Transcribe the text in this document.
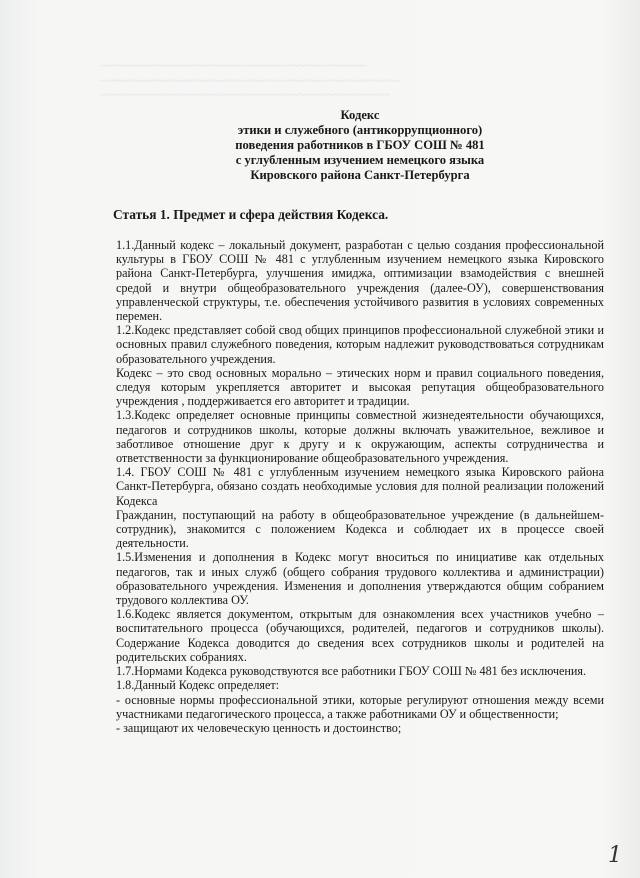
~~~~~~~~~~~~~~~~~~~~~~~~~~~~~~~~~~~~~~~~~~~~~~~

~~~~~~~~~~~~~~~~~~~~~~~~~~~~~~~~~~~~~~~~~~~~~~~~~~~~~

~~~~~~~~~~~~~~~~~~~~~~~~~~~~~~~~~~~~~~~~~~~~~~~~~~~

Кодекс

этики и служебного (антикоррупционного)

поведения работников в ГБОУ СОШ № 481

с углубленным изучением немецкого языка

Кировского района Санкт-Петербурга

Статья 1. Предмет и сфера действия Кодекса.

1.1.Данный кодекс – локальный документ, разработан с целью создания профессиональной культуры в ГБОУ СОШ № 481 с углубленным изучением немецкого языка Кировского района Санкт-Петербурга, улучшения имиджа, оптимизации взамодействия с внешней средой и внутри общеобразовательного учреждения (далее-ОУ), совершенствования управленческой структуры, т.е. обеспечения устойчивого развития в условиях современных перемен.

1.2.Кодекс представляет собой свод общих принципов профессиональной служебной этики и основных правил служебного поведения, которым надлежит руководствоваться сотрудникам образовательного учреждения.

Кодекс – это свод основных морально – этических норм и правил социального поведения, следуя которым укрепляется авторитет и высокая репутация общеобразовательного учреждения , поддерживается его авторитет и традиции.

1.3.Кодекс определяет основные принципы совместной жизнедеятельности обучающихся, педагогов и сотрудников школы, которые должны включать уважительное, вежливое и заботливое отношение друг к другу и к окружающим, аспекты сотрудничества и ответственности за функционирование общеобразовательного учреждения.

1.4. ГБОУ СОШ № 481 с углубленным изучением немецкого языка Кировского района Санкт-Петербурга, обязано создать необходимые условия для полной реализации положений Кодекса

Гражданин, поступающий на работу в общеобразовательное учреждение (в дальнейшем-сотрудник), знакомится с положением Кодекса и соблюдает их в процессе своей деятельности.

1.5.Изменения и дополнения в Кодекс могут вноситься по инициативе как отдельных педагогов, так и иных служб (общего собрания трудового коллектива и администрации) образовательного учреждения. Изменения и дополнения утверждаются общим собранием трудового коллектива ОУ.

1.6.Кодекс является документом, открытым для ознакомления всех участников учебно – воспитательного процесса (обучающихся, родителей, педагогов и сотрудников школы). Содержание Кодекса доводится до сведения всех сотрудников школы и родителей на родительских собраниях.

1.7.Нормами Кодекса руководствуются все работники ГБОУ СОШ № 481 без исключения.

1.8.Данный Кодекс определяет:

- основные нормы профессиональной этики, которые регулируют отношения между всеми участниками педагогического процесса, а также работниками ОУ и общественности;

- защищают их человеческую ценность и достоинство;

1
